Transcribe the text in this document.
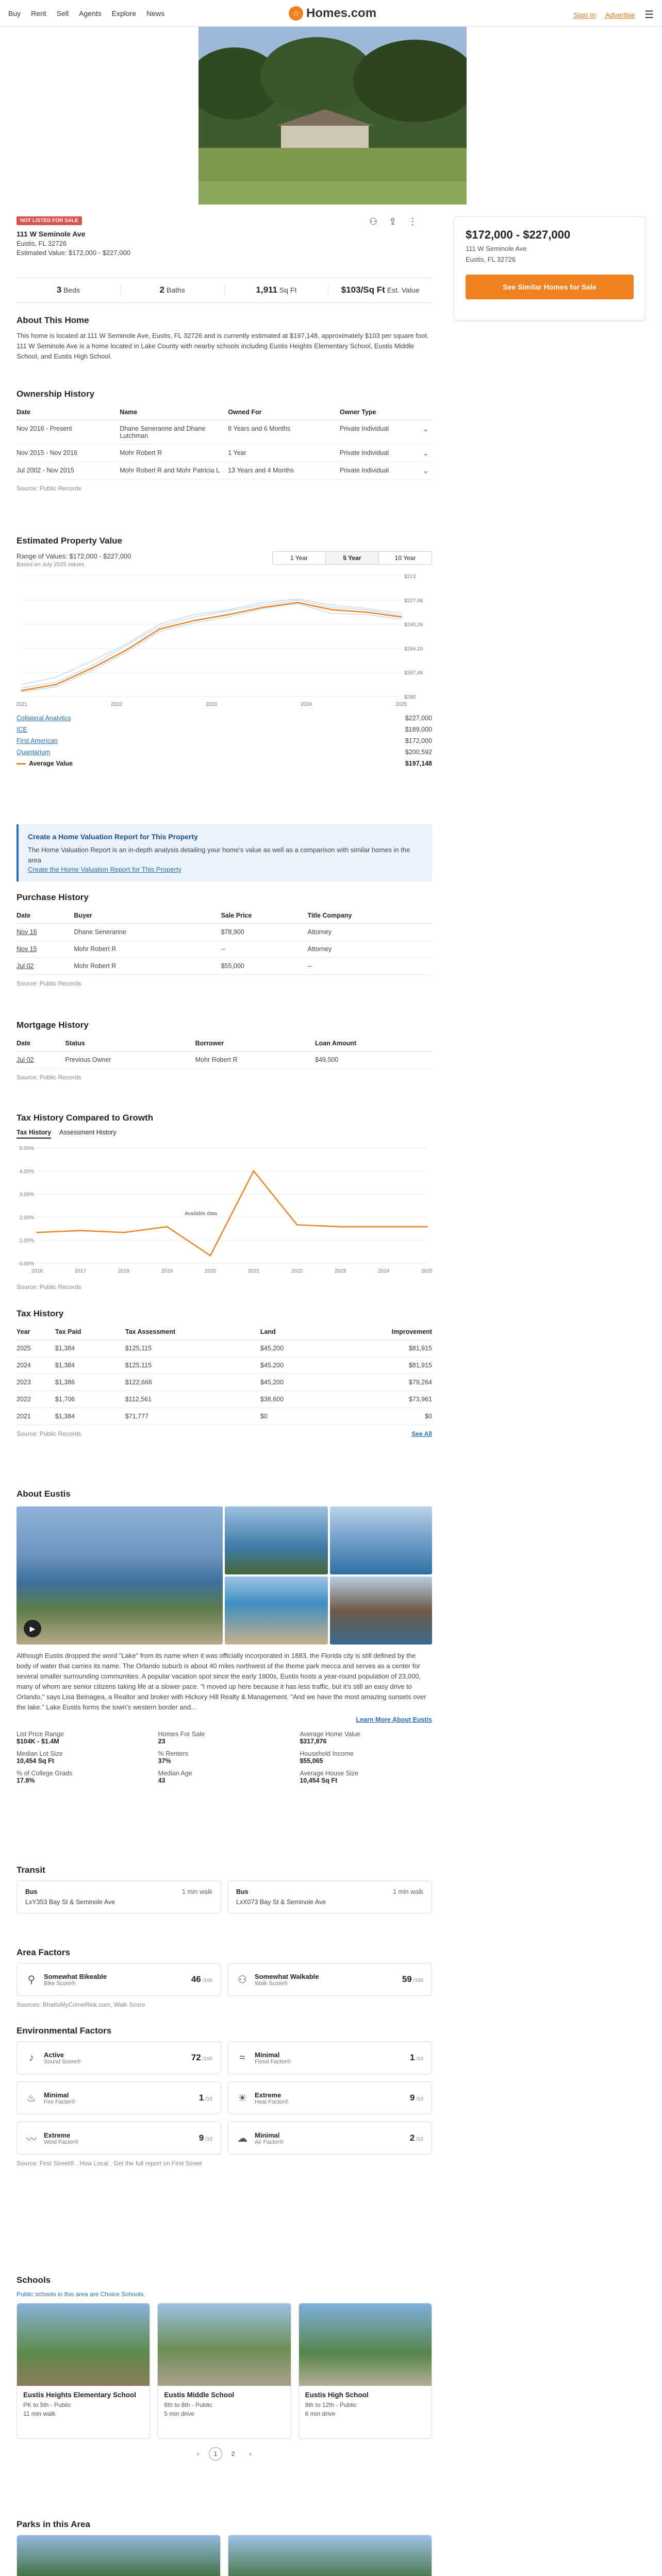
Buy Rent Sell Agents Explore News	⌂ Homes.com	Sign In Advertise ☰
NOT LISTED FOR SALE
111 W Seminole Ave
Eustis, FL 32726
Estimated Value: $172,000 - $227,000
⚇ ⇪ ⋮
$172,000 - $227,000
111 W Seminole Ave
Eustis, FL 32726
See Similar Homes for Sale
3 Beds	2 Baths	1,911 Sq Ft	$103/Sq Ft Est. Value
About This Home
This home is located at 111 W Seminole Ave, Eustis, FL 32726 and is currently estimated at $197,148, approximately $103 per square foot. 111 W Seminole Ave is a home located in Lake County with nearby schools including Eustis Heights Elementary School, Eustis Middle School, and Eustis High School.
Ownership History
Date	Name	Owned For	Owner Type	
Nov 2016 - Present	Dhane Seneranne and Dhane Lutchman	8 Years and 6 Months	Private Individual	⌄
Nov 2015 - Nov 2016	Mohr Robert R	1 Year	Private Individual	⌄
Jul 2002 - Nov 2015	Mohr Robert R and Mohr Patricia L	13 Years and 4 Months	Private Individual	⌄
Source: Public Records
Estimated Property Value
Range of Values: $172,000 - $227,000
Based on July 2025 values
1 Year	5 Year	10 Year
$213
$227,48
$240,26
$254,20
$267,48
$280
2021	2022	2023	2024	2025
Collateral Analytics	$227,000
ICE	$189,000
First American	$172,000
Quantarium	$200,592
Average Value	$197,148
Create a Home Valuation Report for This Property
The Home Valuation Report is an in-depth analysis detailing your home's value as well as a comparison with similar homes in the area
Create the Home Valuation Report for This Property
Purchase History
Date	Buyer	Sale Price	Title Company
Nov 16	Dhane Seneranne	$78,900	Attorney
Nov 15	Mohr Robert R	--	Attorney
Jul 02	Mohr Robert R	$55,000	--
Source: Public Records
Mortgage History
Date	Status	Borrower	Loan Amount
Jul 02	Previous Owner	Mohr Robert R	$49,500
Source: Public Records
Tax History Compared to Growth
Tax History Assessment History
5.00%
4.00%
3.00%
2.00%
1.00%
0.00%
2016	2017	2018	2019	2020	2021	2022	2023	2024	2025
Available data
Source: Public Records
Tax History
Year	Tax Paid	Tax Assessment	Land	Improvement
2025	$1,384	$125,115	$45,200	$81,915
2024	$1,384	$125,115	$45,200	$81,915
2023	$1,386	$122,666	$45,200	$79,264
2022	$1,706	$112,561	$38,600	$73,961
2021	$1,384	$71,777	$0	$0
Source: Public Records	See All
About Eustis
▶
Although Eustis dropped the word "Lake" from its name when it was officially incorporated in 1883, the Florida city is still defined by the body of water that carries its name. The Orlando suburb is about 40 miles northwest of the theme park mecca and serves as a center for several smaller surrounding communities. A popular vacation spot since the early 1900s, Eustis hosts a year-round population of 23,000, many of whom are senior citizens taking life at a slower pace. "I moved up here because it has less traffic, but it's still an easy drive to Orlando," says Lisa Beinagea, a Realtor and broker with Hickory Hill Realty & Management. "And we have the most amazing sunsets over the lake." Lake Eustis forms the town's western border and...
Learn More About Eustis
List Price Range
$104K - $1.4M
Homes For Sale
23
Average Home Value
$317,876
Median Lot Size
10,454 Sq Ft
% Renters
37%
Household Income
$55,065
% of College Grads
17.8%
Median Age
43
Average House Size
10,454 Sq Ft
Transit
Bus	1 min walk
LxY353 Bay St & Seminole Ave
Bus	1 min walk
LxX073 Bay St & Seminole Ave
Area Factors
⚲	Somewhat Bikeable
Bike Score®	46 /100 ⚇ Somewhat Walkable
Walk Score®	59 /100
Sources: BhattsMyCrimeRisk.com, Walk Score
Environmental Factors
♪	Active
Sound Score®	72 /100	≈	Minimal
Flood Factor®	1 /10
♨ Minimal
Fire Factor®	1 /10 ☀ Extreme
Heat Factor®	9 /10
〰 Extreme
Wind Factor®	9 /10 ☁ Minimal
Air Factor®	2 /10
Source: First Street® . How Local . Get the full report on First Street
Schools
Public schools in this area are Choice Schools.
Eustis Heights Elementary School
PK to 5th - Public
11 min walk
Eustis Middle School
6th to 8th - Public
5 min drive
Eustis High School
9th to 12th - Public
6 min drive
‹	1	2	›
Parks in this Area
